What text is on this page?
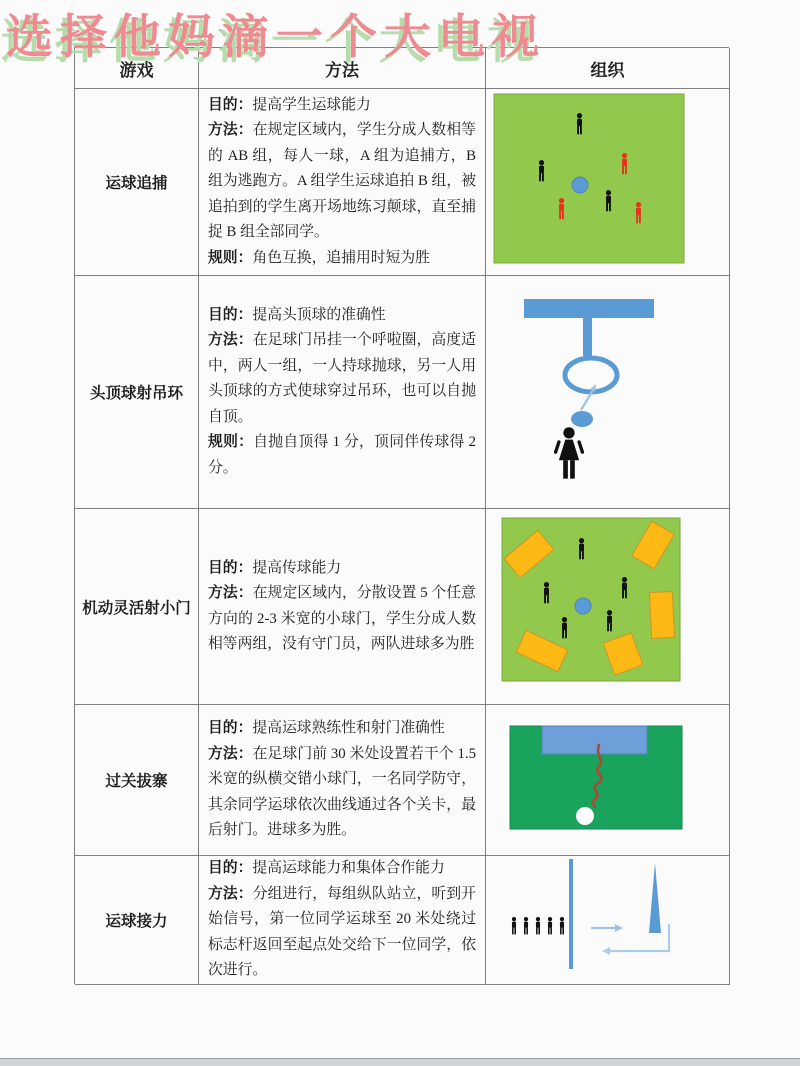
选择他妈滴一个大电视
游戏	方法	组织
运球追捕
目的：提高学生运球能力
方法：在规定区域内，学生分成人数相等的 AB 组，每人一球，A 组为追捕方，B 组为逃跑方。A 组学生运球追拍 B 组，被追拍到的学生离开场地练习颠球，直至捕捉 B 组全部同学。
规则：角色互换，追捕用时短为胜
头顶球射吊环
目的：提高头顶球的准确性
方法：在足球门吊挂一个呼啦圈，高度适中，两人一组，一人持球抛球，另一人用头顶球的方式使球穿过吊环，也可以自抛自顶。
规则：自抛自顶得 1 分，顶同伴传球得 2 分。
机动灵活射小门
目的：提高传球能力
方法：在规定区域内，分散设置 5 个任意方向的 2-3 米宽的小球门，学生分成人数相等两组，没有守门员，两队进球多为胜
过关拔寨
目的：提高运球熟练性和射门准确性
方法：在足球门前 30 米处设置若干个 1.5 米宽的纵横交错小球门，一名同学防守，其余同学运球依次曲线通过各个关卡，最后射门。进球多为胜。
运球接力
目的：提高运球能力和集体合作能力
方法：分组进行，每组纵队站立，听到开始信号，第一位同学运球至 20 米处绕过标志杆返回至起点处交给下一位同学，依次进行。
